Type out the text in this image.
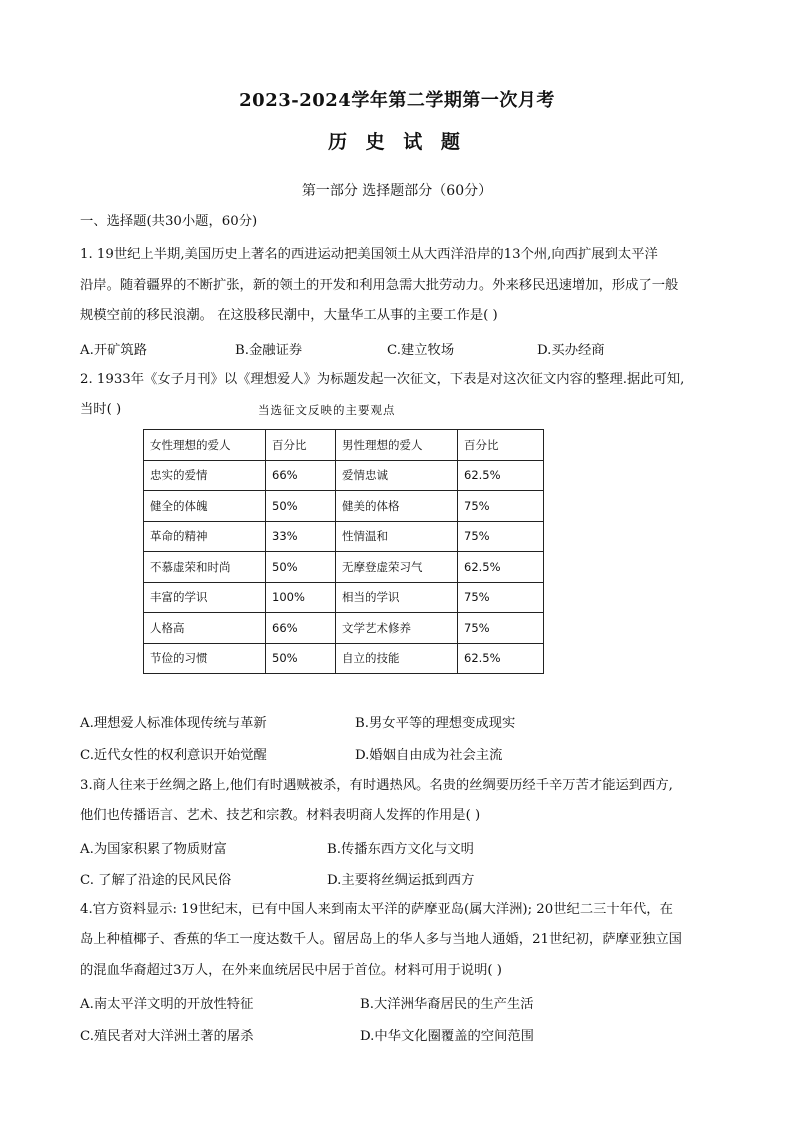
2023-2024学年第二学期第一次月考
历 史 试 题
第一部分 选择题部分（60分）
一、选择题(共30小题，60分)
1. 19世纪上半期,美国历史上著名的西进运动把美国领土从大西洋沿岸的13个州,向西扩展到太平洋
沿岸。随着疆界的不断扩张，新的领土的开发和利用急需大批劳动力。外来移民迅速增加，形成了一般
规模空前的移民浪潮。 在这股移民潮中，大量华工从事的主要工作是( )
A.开矿筑路	B.金融证券	C.建立牧场	D.买办经商
2. 1933年《女子月刊》以《理想爱人》为标题发起一次征文，下表是对这次征文内容的整理.据此可知,
当时( )	当选征文反映的主要观点
女性理想的爱人	百分比	男性理想的爱人	百分比
忠实的爱情	66%	爱情忠诚	62.5%
健全的体魄	50%	健美的体格	75%
革命的精神	33%	性情温和	75%
不慕虚荣和时尚	50%	无摩登虚荣习气	62.5%
丰富的学识	100%	相当的学识	75%
人格高	66%	文学艺术修养	75%
节俭的习惯	50%	自立的技能	62.5%
A.理想爱人标准体现传统与革新	B.男女平等的理想变成现实
C.近代女性的权利意识开始觉醒	D.婚姻自由成为社会主流
3.商人往来于丝绸之路上,他们有时遇贼被杀，有时遇热风。名贵的丝绸要历经千辛万苦才能运到西方,
他们也传播语言、艺术、技艺和宗教。材料表明商人发挥的作用是( )
A.为国家积累了物质财富	B.传播东西方文化与文明
C. 了解了沿途的民风民俗	D.主要将丝绸运抵到西方
4.官方资料显示: 19世纪末，已有中国人来到南太平洋的萨摩亚岛(属大洋洲); 20世纪二三十年代，在
岛上种植椰子、香蕉的华工一度达数千人。留居岛上的华人多与当地人通婚，21世纪初，萨摩亚独立国
的混血华裔超过3万人，在外来血统居民中居于首位。材料可用于说明( )
A.南太平洋文明的开放性特征	B.大洋洲华裔居民的生产生活
C.殖民者对大洋洲土著的屠杀	D.中华文化圈覆盖的空间范围
